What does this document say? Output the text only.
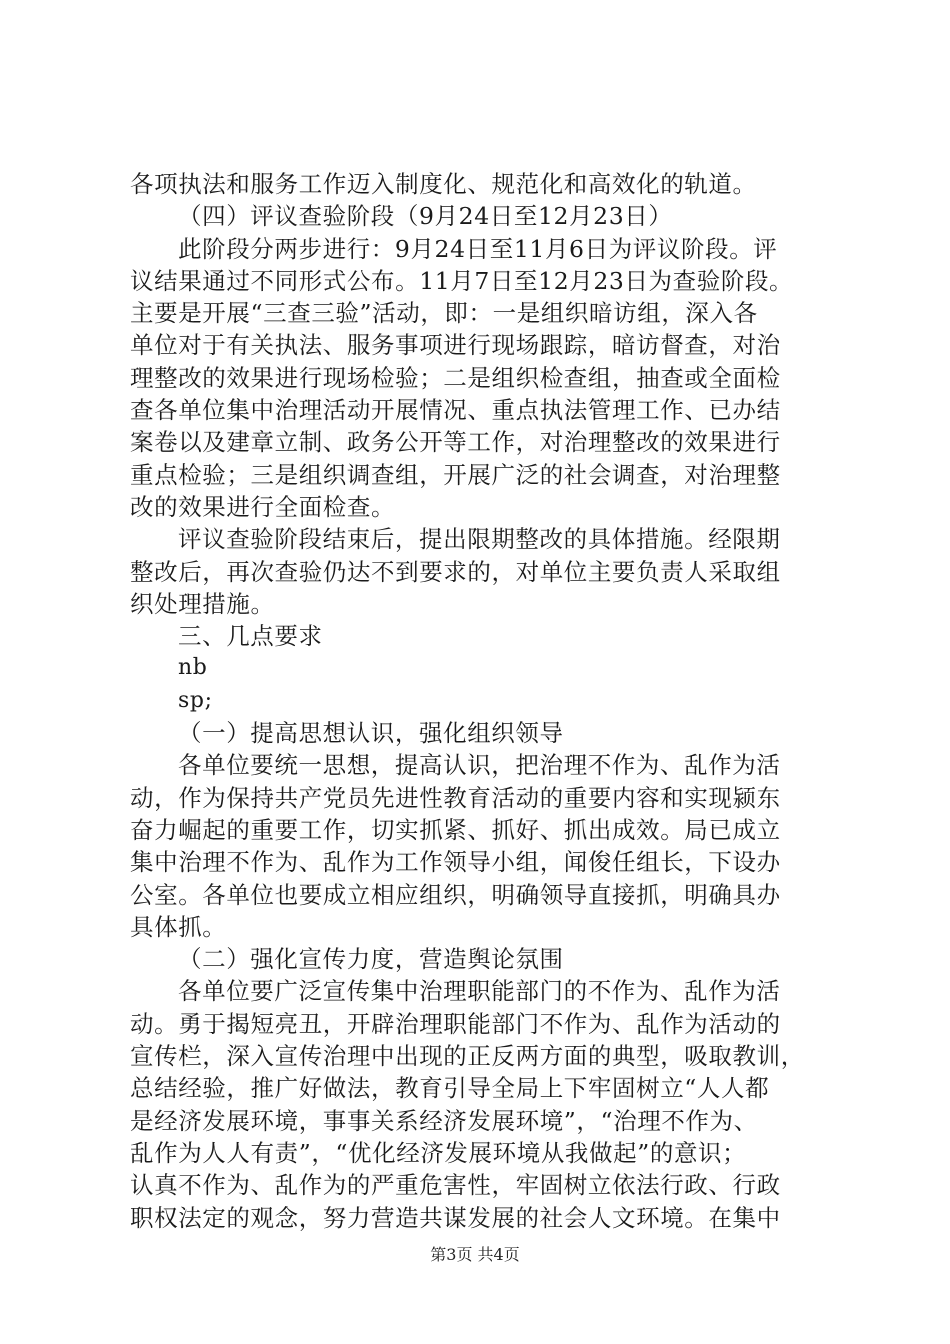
各项执法和服务工作迈入制度化、规范化和高效化的轨道。
（四）评议查验阶段（9月24日至12月23日）
此阶段分两步进行：9月24日至11月6日为评议阶段。评
议结果通过不同形式公布。11月7日至12月23日为查验阶段。
主要是开展“三查三验”活动，即：一是组织暗访组，深入各
单位对于有关执法、服务事项进行现场跟踪，暗访督查，对治
理整改的效果进行现场检验；二是组织检查组，抽查或全面检
查各单位集中治理活动开展情况、重点执法管理工作、已办结
案卷以及建章立制、政务公开等工作，对治理整改的效果进行
重点检验；三是组织调查组，开展广泛的社会调查，对治理整
改的效果进行全面检查。
评议查验阶段结束后，提出限期整改的具体措施。经限期
整改后，再次查验仍达不到要求的，对单位主要负责人采取组
织处理措施。
三、几点要求
nb
sp;
（一）提高思想认识，强化组织领导
各单位要统一思想，提高认识，把治理不作为、乱作为活
动，作为保持共产党员先进性教育活动的重要内容和实现颍东
奋力崛起的重要工作，切实抓紧、抓好、抓出成效。局已成立
集中治理不作为、乱作为工作领导小组，闻俊任组长，下设办
公室。各单位也要成立相应组织，明确领导直接抓，明确具办
具体抓。
（二）强化宣传力度，营造舆论氛围
各单位要广泛宣传集中治理职能部门的不作为、乱作为活
动。勇于揭短亮丑，开辟治理职能部门不作为、乱作为活动的
宣传栏，深入宣传治理中出现的正反两方面的典型，吸取教训，
总结经验，推广好做法，教育引导全局上下牢固树立“人人都
是经济发展环境，事事关系经济发展环境”，“治理不作为、
乱作为人人有责”，“优化经济发展环境从我做起”的意识；
认真不作为、乱作为的严重危害性，牢固树立依法行政、行政
职权法定的观念，努力营造共谋发展的社会人文环境。在集中
第3页 共4页
